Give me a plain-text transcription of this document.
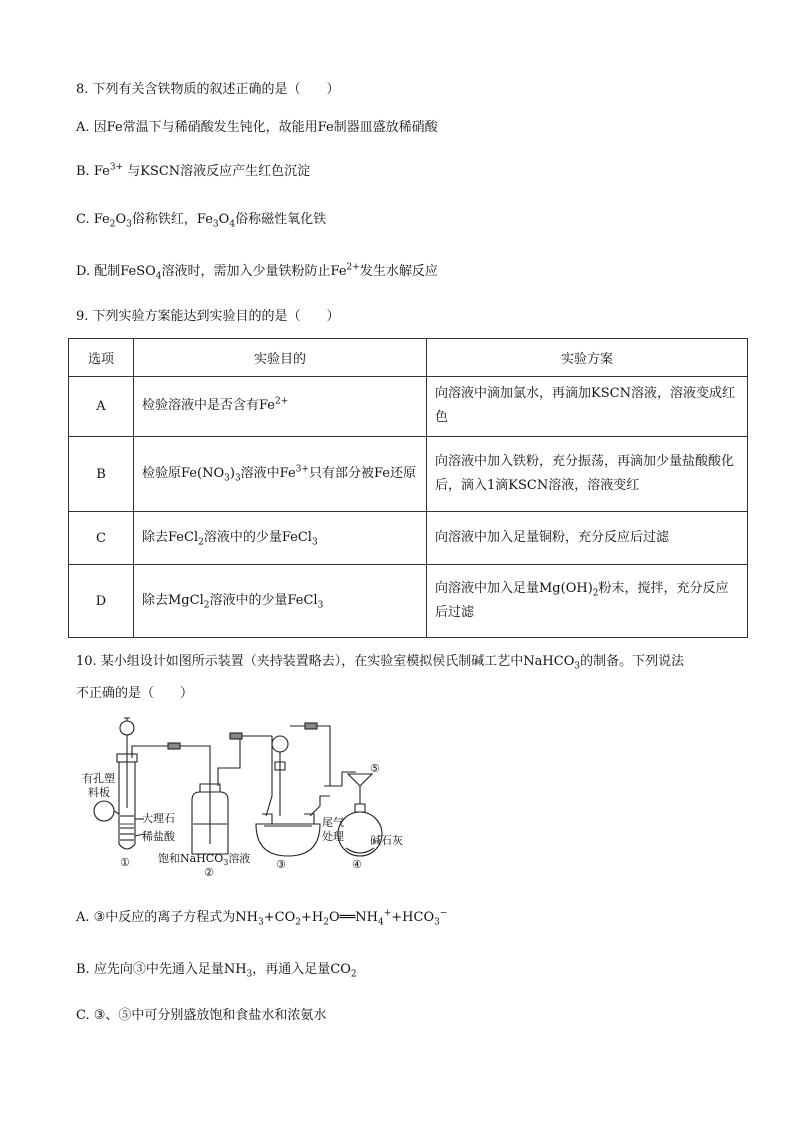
8. 下列有关含铁物质的叙述正确的是（　　）
A. 因Fe常温下与稀硝酸发生钝化，故能用Fe制器皿盛放稀硝酸
B. $Fe^{3+}$ 与KSCN溶液反应产生红色沉淀
C. $Fe_2O_3$俗称铁红，$Fe_3O_4$俗称磁性氧化铁
D. 配制FeSO$_4$溶液时，需加入少量铁粉防止$Fe^{2+}$发生水解反应
9. 下列实验方案能达到实验目的的是（　　）
选项	实验目的	实验方案
A	检验溶液中是否含有$Fe^{2+}$	向溶液中滴加氯水，再滴加KSCN溶液，溶液变成红色
B	检验原$Fe(NO_3)_3$溶液中$Fe^{3+}$只有部分被Fe还原	向溶液中加入铁粉，充分振荡，再滴加少量盐酸酸化后，滴入1滴KSCN溶液，溶液变红
C	除去FeCl$_2$溶液中的少量FeCl$_3$	向溶液中加入足量铜粉，充分反应后过滤
D	除去MgCl$_2$溶液中的少量FeCl$_3$	向溶液中加入足量$Mg(OH)_2$粉末，搅拌，充分反应后过滤
10. 某小组设计如图所示装置（夹持装置略去），在实验室模拟侯氏制碱工艺中NaHCO$_3$的制备。下列说法
不正确的是（　　）
有孔塑
料板
大理石
稀盐酸
①	饱和NaHCO$_3$溶液
②
③
尾气
处理
④
碱石灰
⑤
A. ③中反应的离子方程式为$NH_3+CO_2+H_2O══NH_4^++HCO_3^-$
B. 应先向③中先通入足量$NH_3$，再通入足量$CO_2$
C. ③、⑤中可分别盛放饱和食盐水和浓氨水
